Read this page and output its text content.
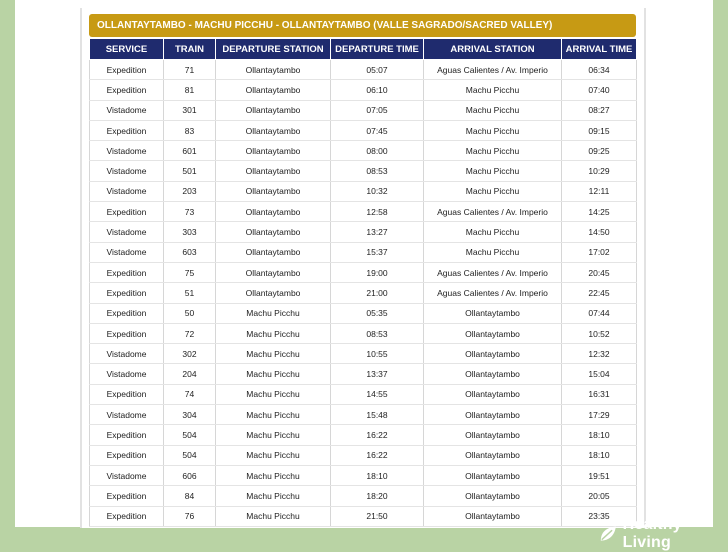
OLLANTAYTAMBO - MACHU PICCHU - OLLANTAYTAMBO (VALLE SAGRADO/SACRED VALLEY)
SERVICE	TRAIN	DEPARTURE STATION	DEPARTURE TIME	ARRIVAL STATION	ARRIVAL TIME
Expedition	71	Ollantaytambo	05:07	Aguas Calientes / Av. Imperio	06:34
Expedition	81	Ollantaytambo	06:10	Machu Picchu	07:40
Vistadome	301	Ollantaytambo	07:05	Machu Picchu	08:27
Expedition	83	Ollantaytambo	07:45	Machu Picchu	09:15
Vistadome	601	Ollantaytambo	08:00	Machu Picchu	09:25
Vistadome	501	Ollantaytambo	08:53	Machu Picchu	10:29
Vistadome	203	Ollantaytambo	10:32	Machu Picchu	12:11
Expedition	73	Ollantaytambo	12:58	Aguas Calientes / Av. Imperio	14:25
Vistadome	303	Ollantaytambo	13:27	Machu Picchu	14:50
Vistadome	603	Ollantaytambo	15:37	Machu Picchu	17:02
Expedition	75	Ollantaytambo	19:00	Aguas Calientes / Av. Imperio	20:45
Expedition	51	Ollantaytambo	21:00	Aguas Calientes / Av. Imperio	22:45
Expedition	50	Machu Picchu	05:35	Ollantaytambo	07:44
Expedition	72	Machu Picchu	08:53	Ollantaytambo	10:52
Vistadome	302	Machu Picchu	10:55	Ollantaytambo	12:32
Vistadome	204	Machu Picchu	13:37	Ollantaytambo	15:04
Expedition	74	Machu Picchu	14:55	Ollantaytambo	16:31
Vistadome	304	Machu Picchu	15:48	Ollantaytambo	17:29
Expedition	504	Machu Picchu	16:22	Ollantaytambo	18:10
Expedition	504	Machu Picchu	16:22	Ollantaytambo	18:10
Vistadome	606	Machu Picchu	18:10	Ollantaytambo	19:51
Expedition	84	Machu Picchu	18:20	Ollantaytambo	20:05
Expedition	76	Machu Picchu	21:50	Ollantaytambo	23:35 Healthy Living
